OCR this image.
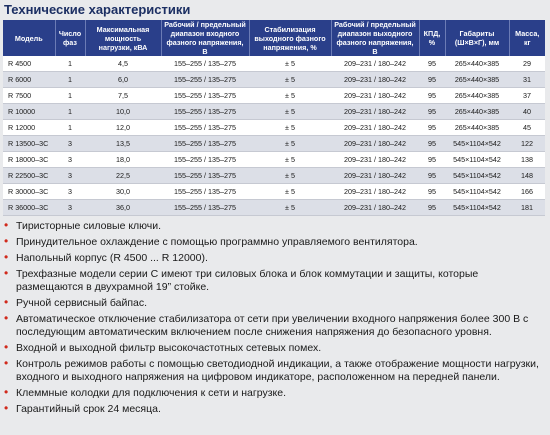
Технические характеристики
Модель	Число фаз	Максимальная мощность нагрузки, кВА	Рабочий / предельный диапазон входного фазного напряжения, В	Стабилизация выходного фазного напряжения, %	Рабочий / предельный диапазон выходного фазного напряжения, В	КПД, %	Габариты (Ш×В×Г), мм	Масса, кг
R 4500	1	4,5	155–255 / 135–275	± 5	209–231 / 180–242	95	265×440×385	29
R 6000	1	6,0	155–255 / 135–275	± 5	209–231 / 180–242	95	265×440×385	31
R 7500	1	7,5	155–255 / 135–275	± 5	209–231 / 180–242	95	265×440×385	37
R 10000	1	10,0	155–255 / 135–275	± 5	209–231 / 180–242	95	265×440×385	40
R 12000	1	12,0	155–255 / 135–275	± 5	209–231 / 180–242	95	265×440×385	45
R 13500–3С	3	13,5	155–255 / 135–275	± 5	209–231 / 180–242	95	545×1104×542	122
R 18000–3С	3	18,0	155–255 / 135–275	± 5	209–231 / 180–242	95	545×1104×542	138
R 22500–3С	3	22,5	155–255 / 135–275	± 5	209–231 / 180–242	95	545×1104×542	148
R 30000–3С	3	30,0	155–255 / 135–275	± 5	209–231 / 180–242	95	545×1104×542	166
R 36000–3С	3	36,0	155–255 / 135–275	± 5	209–231 / 180–242	95	545×1104×542	181
• Тиристорные силовые ключи.
• Принудительное охлаждение с помощью программно управляемого вентилятора.
• Напольный корпус (R 4500 ... R 12000).
• Трехфазные модели серии С имеют три силовых блока и блок коммутации и защиты, которые размещаются в двухрамной 19” стойке.
• Ручной сервисный байпас.
• Автоматическое отключение стабилизатора от сети при увеличении входного напряжения более 300 В с последующим автоматическим включением после снижения напряжения до безопасного уровня.
• Входной и выходной фильтр высокочастотных сетевых помех.
• Контроль режимов работы с помощью светодиодной индикации, а также отображение мощности нагрузки, входного и выходного напряжения на цифровом индикаторе, расположенном на передней панели.
• Клеммные колодки для подключения к сети и нагрузке.
• Гарантийный срок 24 месяца.
